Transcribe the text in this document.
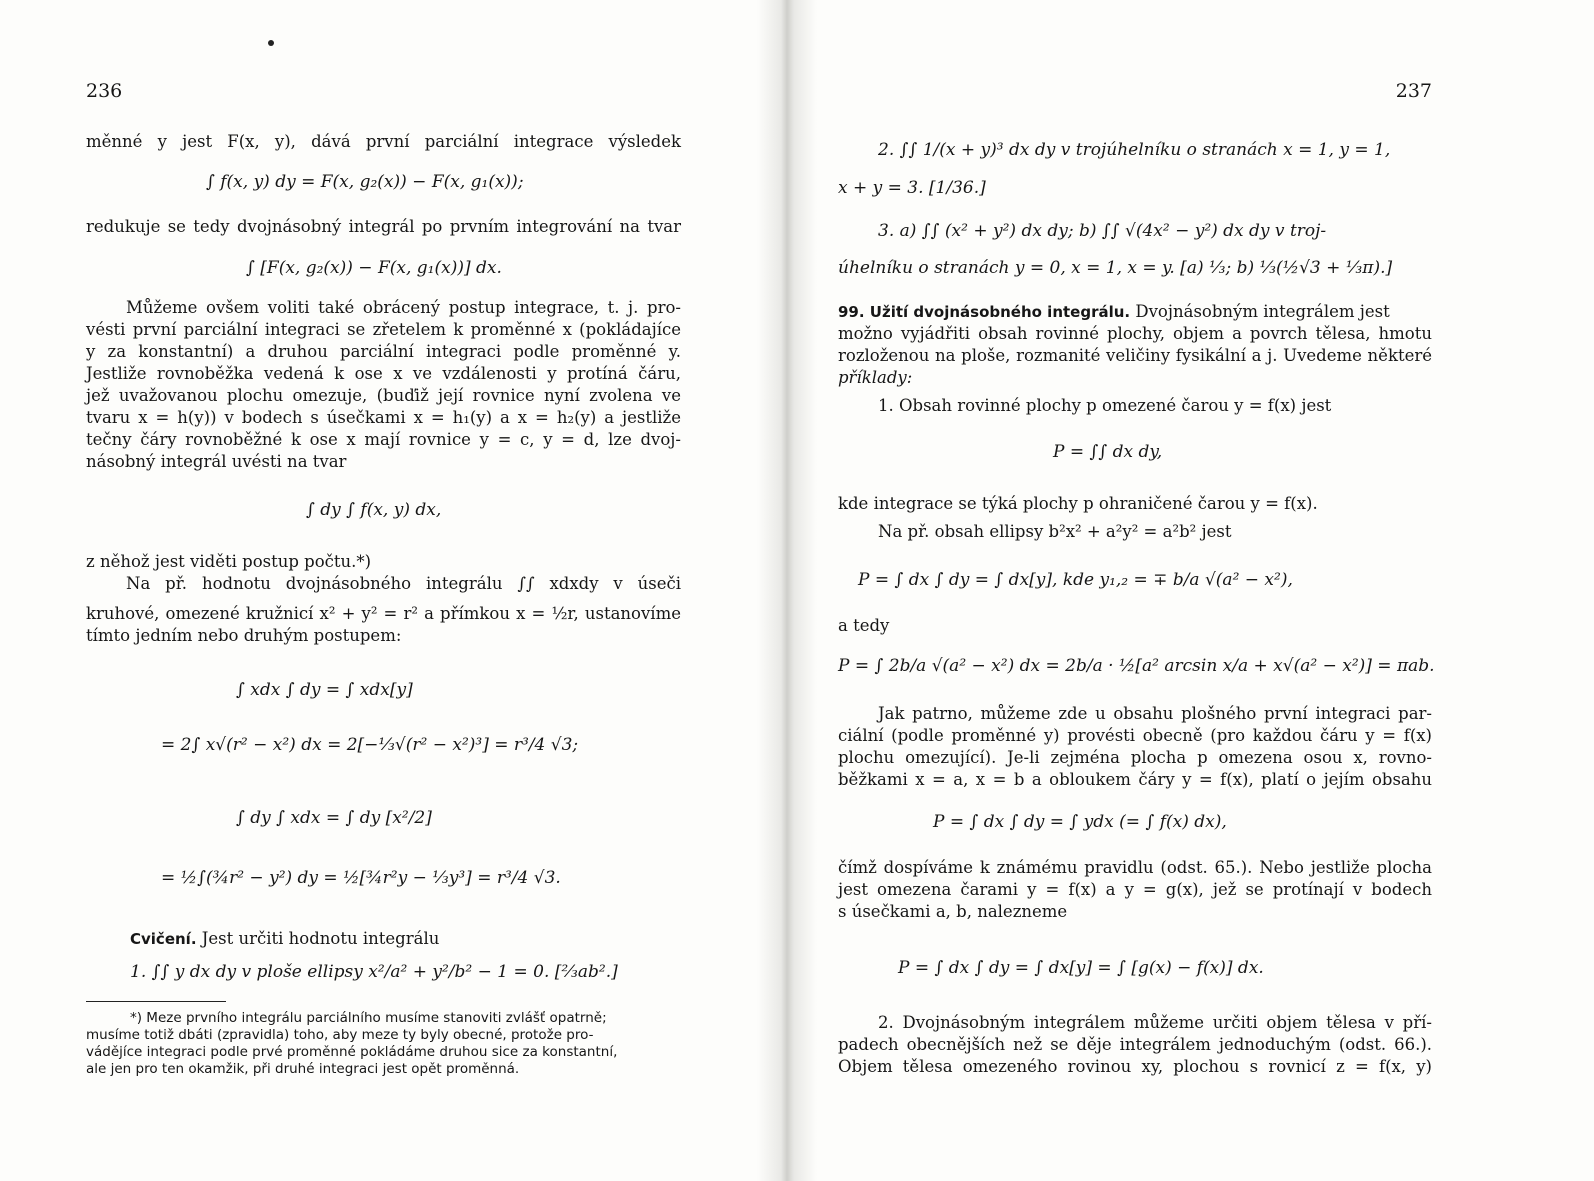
236
měnné y jest F(x, y), dává první parciální integrace výsledek
∫ f(x, y) dy = F(x, g₂(x)) − F(x, g₁(x));
redukuje se tedy dvojnásobný integrál po prvním integrování na tvar
∫ [F(x, g₂(x)) − F(x, g₁(x))] dx.
Můžeme ovšem voliti také obrácený postup integrace, t. j. pro-
vésti první parciální integraci se zřetelem k proměnné x (pokládajíce
y za konstantní) a druhou parciální integraci podle proměnné y.
Jestliže rovnoběžka vedená k ose x ve vzdálenosti y protíná čáru,
jež uvažovanou plochu omezuje, (buďiž její rovnice nyní zvolena ve
tvaru x = h(y)) v bodech s úsečkami x = h₁(y) a x = h₂(y) a jestliže
tečny čáry rovnoběžné k ose x mají rovnice y = c, y = d, lze dvoj-
násobný integrál uvésti na tvar
∫ dy ∫ f(x, y) dx,
z něhož jest viděti postup počtu.*)
Na př. hodnotu dvojnásobného integrálu ∫∫ xdxdy v úseči
kruhové, omezené kružnicí x² + y² = r² a přímkou x = ½r, ustanovíme
tímto jedním nebo druhým postupem:
∫ xdx ∫ dy = ∫ xdx[y]
= 2∫ x√(r² − x²) dx = 2[−⅓√(r² − x²)³] = r³/4 √3;
∫ dy ∫ xdx = ∫ dy [x²/2]
= ½∫(¾r² − y²) dy = ½[¾r²y − ⅓y³] = r³/4 √3.
Cvičení. Jest určiti hodnotu integrálu
1. ∫∫ y dx dy v ploše ellipsy x²/a² + y²/b² − 1 = 0. [⅔ab².]
*) Meze prvního integrálu parciálního musíme stanoviti zvlášť opatrně;
musíme totiž dbáti (zpravidla) toho, aby meze ty byly obecné, protože pro-
vádějíce integraci podle prvé proměnné pokládáme druhou sice za konstantní,
ale jen pro ten okamžik, při druhé integraci jest opět proměnná.
237
2. ∫∫ 1/(x + y)³ dx dy v trojúhelníku o stranách x = 1, y = 1,
x + y = 3. [1/36.]
3. a) ∫∫ (x² + y²) dx dy; b) ∫∫ √(4x² − y²) dx dy v troj-
úhelníku o stranách y = 0, x = 1, x = y. [a) ⅓; b) ⅓(½√3 + ⅓π).]
99. Užití dvojnásobného integrálu. Dvojnásobným integrálem jest
možno vyjádřiti obsah rovinné plochy, objem a povrch tělesa, hmotu
rozloženou na ploše, rozmanité veličiny fysikální a j. Uvedeme některé
příklady:
1. Obsah rovinné plochy p omezené čarou y = f(x) jest
P = ∫∫ dx dy,
kde integrace se týká plochy p ohraničené čarou y = f(x).
Na př. obsah ellipsy b²x² + a²y² = a²b² jest
P = ∫ dx ∫ dy = ∫ dx[y], kde y₁,₂ = ∓ b/a √(a² − x²),
a tedy
P = ∫ 2b/a √(a² − x²) dx = 2b/a · ½[a² arcsin x/a + x√(a² − x²)] = πab.
Jak patrno, můžeme zde u obsahu plošného první integraci par-
ciální (podle proměnné y) provésti obecně (pro každou čáru y = f(x)
plochu omezující). Je-li zejména plocha p omezena osou x, rovno-
běžkami x = a, x = b a obloukem čáry y = f(x), platí o jejím obsahu
P = ∫ dx ∫ dy = ∫ ydx (= ∫ f(x) dx),
čímž dospíváme k známému pravidlu (odst. 65.). Nebo jestliže plocha
jest omezena čarami y = f(x) a y = g(x), jež se protínají v bodech
s úsečkami a, b, nalezneme
P = ∫ dx ∫ dy = ∫ dx[y] = ∫ [g(x) − f(x)] dx.
2. Dvojnásobným integrálem můžeme určiti objem tělesa v pří-
padech obecnějších než se děje integrálem jednoduchým (odst. 66.).
Objem tělesa omezeného rovinou xy, plochou s rovnicí z = f(x, y)
